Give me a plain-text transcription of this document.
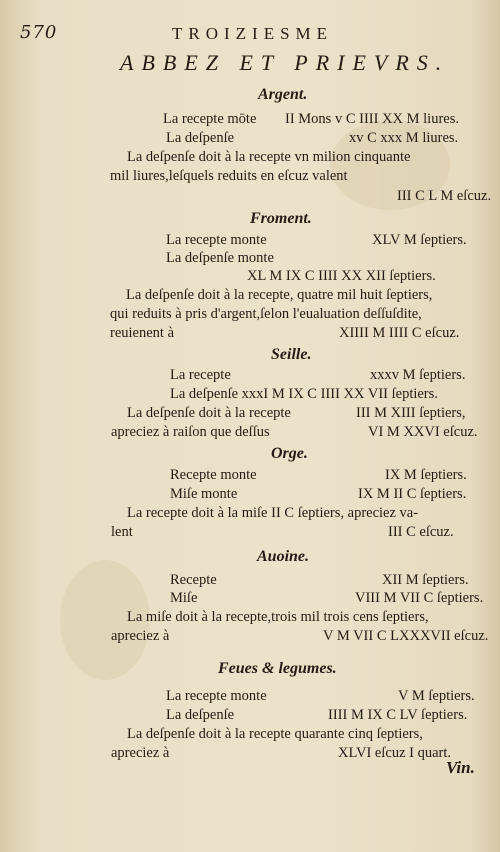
570	TROIZIESME
ABBEZ ET PRIEVRS.
Argent.
La recepte mōte II Mons v C IIII XX M liures.
La deſpenſe	xv C xxx M liures.
La deſpenſe doit à la recepte vn milion cinquante
mil liures,leſquels reduits en eſcuz valent
III C L M eſcuz.
Froment.
La recepte monte	XLV M ſeptiers.
La deſpenſe monte
XL M IX C IIII XX XII ſeptiers.
La deſpenſe doit à la recepte, quatre mil huit ſeptiers,
qui reduits à pris d'argent,ſelon l'eualuation deſſuſdite,
reuienent à	XIIII M IIII C eſcuz.
Seille.
La recepte	xxxv M ſeptiers.
La deſpenſe xxxI M IX C IIII XX VII ſeptiers.
La deſpenſe doit à la recepte	III M XIII ſeptiers,
apreciez à raiſon que deſſus	VI M XXVI eſcuz.
Orge.
Recepte monte	IX M ſeptiers.
Miſe monte	IX M II C ſeptiers.
La recepte doit à la miſe II C ſeptiers, apreciez va-
lent	III C eſcuz.
Auoine.
Recepte	XII M ſeptiers.
Miſe	VIII M VII C ſeptiers.
La miſe doit à la recepte,trois mil trois cens ſeptiers,
apreciez à	V M VII C LXXXVII eſcuz.
Feues & legumes.
La recepte monte	V M ſeptiers.
La deſpenſe	IIII M IX C LV ſeptiers.
La deſpenſe doit à la recepte quarante cinq ſeptiers,
apreciez à	XLVI eſcuz I quart.
Vin.
